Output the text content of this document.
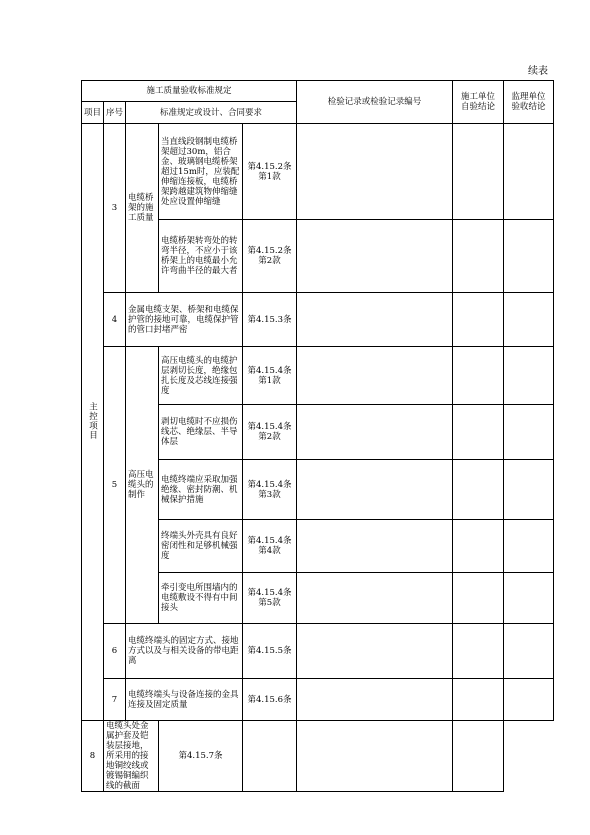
续表
施工质量验收标准规定					检验记录或检验记录编号	施工单位
自验结论	监理单位
验收结论
项目	序号	标准规定或设计、合同要求					
主控项目	3	电缆桥架的施工质量	当直线段钢制电缆桥架超过30m，铝合金、玻璃钢电缆桥架超过15m时，应装配伸缩连接板，电缆桥架跨越建筑物伸缩缝处应设置伸缩缝	第4.15.2条
第1款			
			电缆桥架转弯处的转弯半径，不应小于该桥架上的电缆最小允许弯曲半径的最大者	第4.15.2条
第2款			
	4	金属电缆支架、桥架和电缆保护管的接地可靠，电缆保护管的管口封堵严密		第4.15.3条			
	5	高压电缆头的制作	高压电缆头的电缆护层剥切长度，绝缘包扎长度及芯线连接强度	第4.15.4条
第1款			
			剥切电缆时不应损伤线芯、绝缘层、半导体层	第4.15.4条
第2款			
			电缆终端应采取加强绝缘、密封防潮、机械保护措施	第4.15.4条
第3款			
			终端头外壳具有良好密闭性和足够机械强度	第4.15.4条
第4款			
			牵引变电所围墙内的电缆敷设不得有中间接头	第4.15.4条
第5款			
	6	电缆终端头的固定方式、接地方式以及与相关设备的带电距离		第4.15.5条			
	7	电缆终端头与设备连接的金具连接及固定质量		第4.15.6条			
8	电缆头处金属护套及铠装层接地，所采用的接地铜绞线或镀锡铜编织线的截面		第4.15.7条				
